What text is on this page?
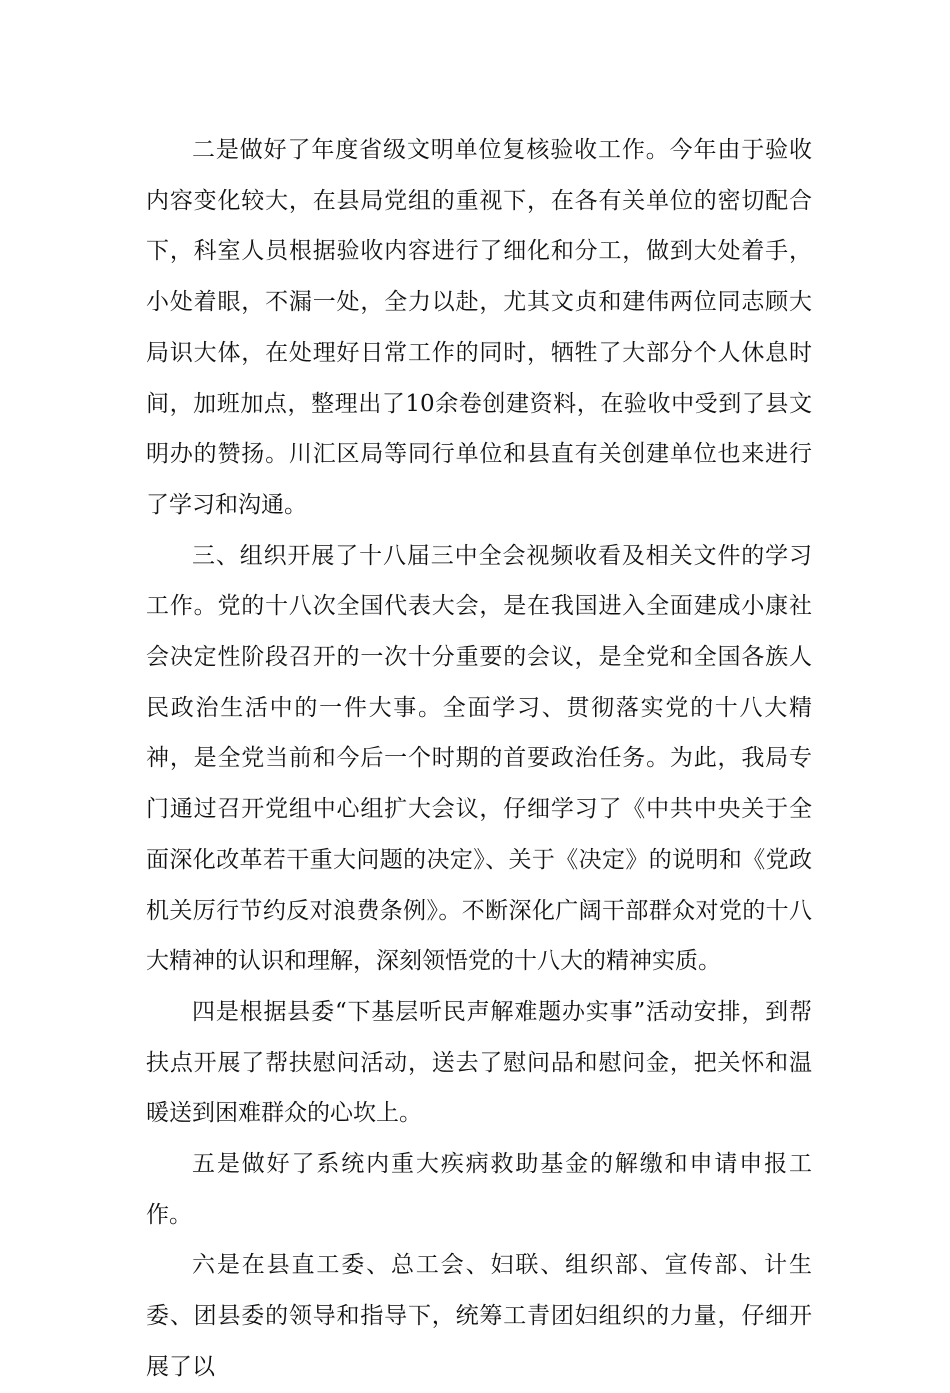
二是做好了年度省级文明单位复核验收工作。今年由于验收内容变化较大，在县局党组的重视下，在各有关单位的密切配合下，科室人员根据验收内容进行了细化和分工，做到大处着手，小处着眼，不漏一处，全力以赴，尤其文贞和建伟两位同志顾大局识大体，在处理好日常工作的同时，牺牲了大部分个人休息时间，加班加点，整理出了10余卷创建资料，在验收中受到了县文明办的赞扬。川汇区局等同行单位和县直有关创建单位也来进行了学习和沟通。

三、组织开展了十八届三中全会视频收看及相关文件的学习工作。党的十八次全国代表大会，是在我国进入全面建成小康社会决定性阶段召开的一次十分重要的会议，是全党和全国各族人民政治生活中的一件大事。全面学习、贯彻落实党的十八大精神，是全党当前和今后一个时期的首要政治任务。为此，我局专门通过召开党组中心组扩大会议，仔细学习了《中共中央关于全面深化改革若干重大问题的决定》、关于《决定》的说明和《党政机关厉行节约反对浪费条例》。不断深化广阔干部群众对党的十八大精神的认识和理解，深刻领悟党的十八大的精神实质。

四是根据县委“下基层听民声解难题办实事”活动安排，到帮扶点开展了帮扶慰问活动，送去了慰问品和慰问金，把关怀和温暖送到困难群众的心坎上。

五是做好了系统内重大疾病救助基金的解缴和申请申报工作。

六是在县直工委、总工会、妇联、组织部、宣传部、计生委、团县委的领导和指导下，统筹工青团妇组织的力量，仔细开展了以
